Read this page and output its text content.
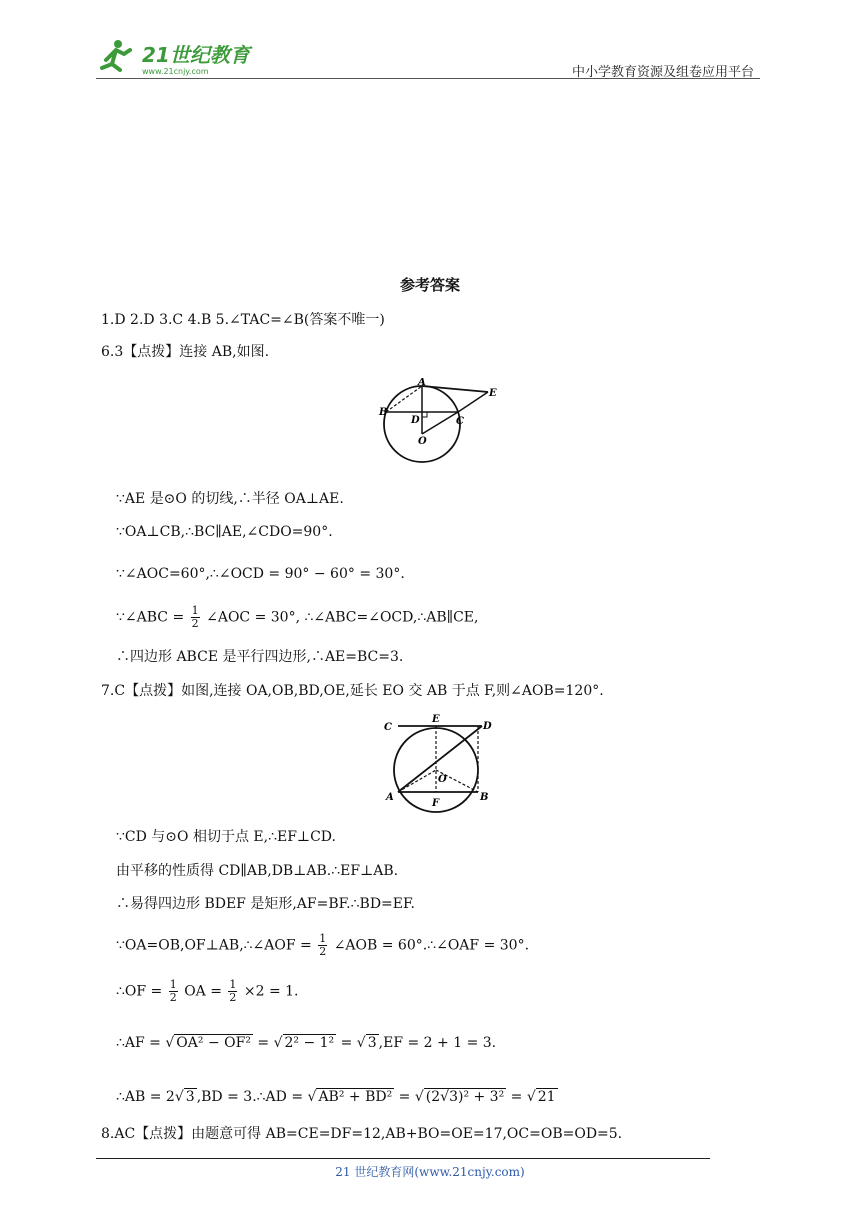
21世纪教育
www.21cnjy.com	中小学教育资源及组卷应用平台
参考答案
1.D 2.D 3.C 4.B 5.∠TAC=∠B(答案不唯一)
6.3【点拨】连接 AB,如图.
A
B
C
D
E
O
∵AE 是⊙O 的切线,∴半径 OA⊥AE.
∵OA⊥CB,∴BC∥AE,∠CDO=90°.
∵∠AOC=60°,∴∠OCD = 90° − 60° = 30°.
∵∠ABC = $\frac{1}{2}$ ∠AOC = 30°, ∴∠ABC=∠OCD,∴AB∥CE,
∴四边形 ABCE 是平行四边形,∴AE=BC=3.
7.C【点拨】如图,连接 OA,OB,BD,OE,延长 EO 交 AB 于点 F,则∠AOB=120°.
C
E
D
O
A
F
B
∵CD 与⊙O 相切于点 E,∴EF⊥CD.
由平移的性质得 CD∥AB,DB⊥AB.∴EF⊥AB.
∴易得四边形 BDEF 是矩形,AF=BF.∴BD=EF.
∵OA=OB,OF⊥AB,∴∠AOF = $\frac{1}{2}$ ∠AOB = 60°.∴∠OAF = 30°.
∴OF = $\frac{1}{2}$ OA = $\frac{1}{2} \times 2 = 1$.
∴AF = √ OA² − OF² = √ 2² − 1² = √ 3 ,EF = 2 + 1 = 3.
∴AB = 2√ 3 ,BD = 3.∴AD = √ AB² + BD² = √ (2√3)² + 3² = √ 21
8.AC【点拨】由题意可得 AB=CE=DF=12,AB+BO=OE=17,OC=OB=OD=5.
21 世纪教育网(www.21cnjy.com)
